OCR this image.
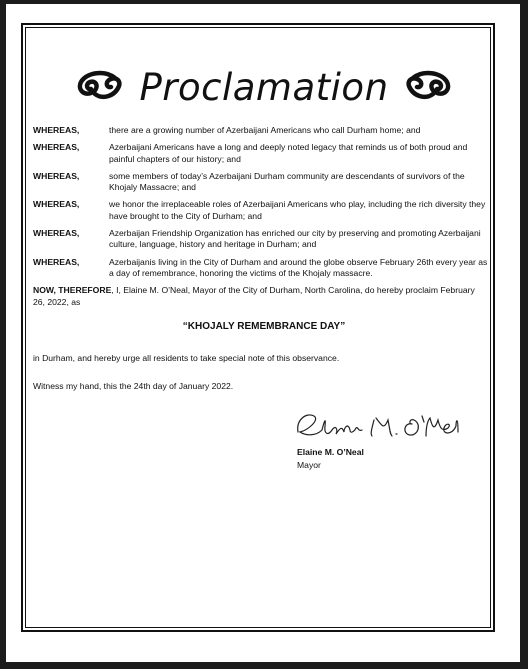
Proclamation
WHEREAS,	there are a growing number of Azerbaijani Americans who call Durham home; and
WHEREAS,	Azerbaijani Americans have a long and deeply noted legacy that reminds us of both proud and painful chapters of our history; and
WHEREAS,	some members of today’s Azerbaijani Durham community are descendants of survivors of the Khojaly Massacre; and
WHEREAS,	we honor the irreplaceable roles of Azerbaijani Americans who play, including the rich diversity they have brought to the City of Durham; and
WHEREAS,	Azerbaijan Friendship Organization has enriched our city by preserving and promoting Azerbaijani culture, language, history and heritage in Durham; and
WHEREAS,	Azerbaijanis living in the City of Durham and around the globe observe February 26th every year as a day of remembrance, honoring the victims of the Khojaly massacre.
NOW, THEREFORE, I, Elaine M. O’Neal, Mayor of the City of Durham, North Carolina, do hereby proclaim February 26, 2022, as
“KHOJALY REMEMBRANCE DAY”
in Durham, and hereby urge all residents to take special note of this observance.
Witness my hand, this the 24th day of January 2022.
Elaine M. O’Neal
Mayor
